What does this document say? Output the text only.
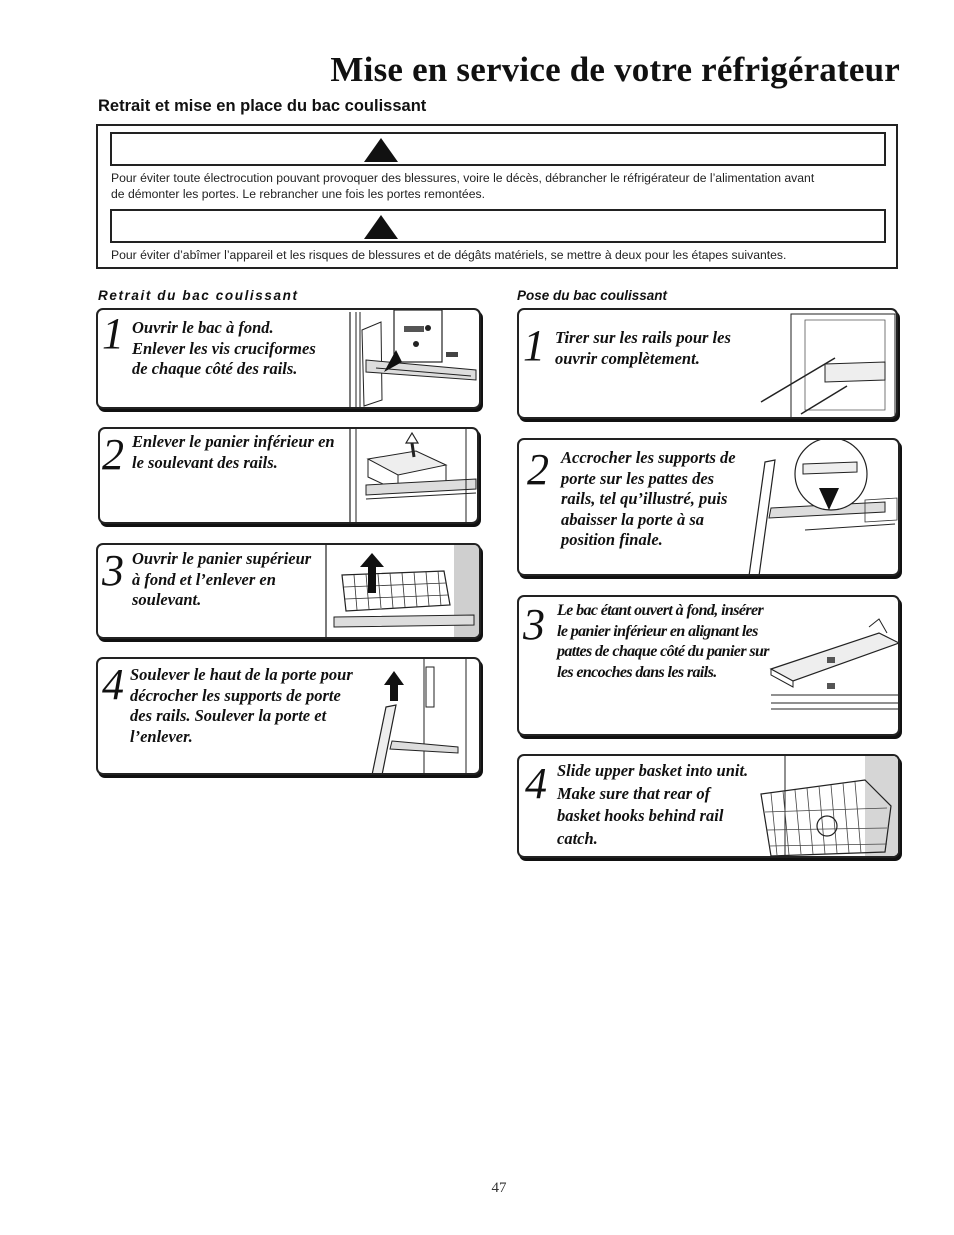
Mise en service de votre réfrigérateur
Retrait et mise en place du bac coulissant
Pour éviter toute électrocution pouvant provoquer des blessures, voire le décès, débrancher le réfrigérateur de l’alimentation avant de démonter les portes. Le rebrancher une fois les portes remontées.
Pour éviter d’abîmer l’appareil et les risques de blessures et de dégâts matériels, se mettre à deux pour les étapes suivantes.
Retrait du bac coulissant	Pose du bac coulissant
1 Ouvrir le bac à fond. Enlever les vis cruciformes de chaque côté des rails.
2 Enlever le panier inférieur en le soulevant des rails.
3 Ouvrir le panier supérieur à fond et l’enlever en soulevant.
4 Soulever le haut de la porte pour décrocher les supports de porte des rails. Soulever la porte et l’enlever.
1 Tirer sur les rails pour les ouvrir complètement.
2 Accrocher les supports de porte sur les pattes des rails, tel qu’illustré, puis abaisser la porte à sa position finale.
3 Le bac étant ouvert à fond, insérer le panier inférieur en alignant les pattes de chaque côté du panier sur les encoches dans les rails.
4 Slide upper basket into unit. Make sure that rear of basket hooks behind rail catch.
47
